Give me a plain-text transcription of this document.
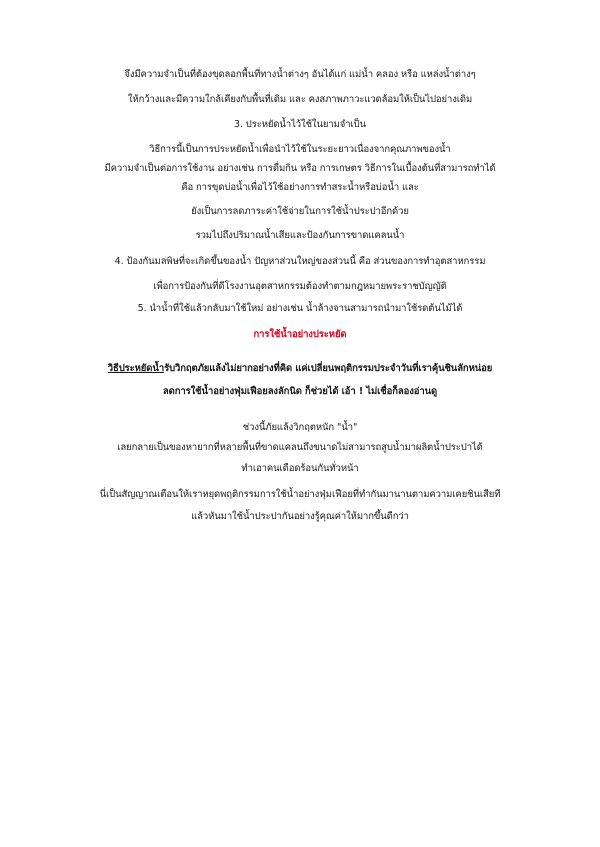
จึงมีความจำเป็นที่ต้องขุดลอกพื้นที่ทางน้ำต่างๆ อันได้แก่ แม่น้ำ คลอง หรือ แหล่งน้ำต่างๆ
ให้กว้างและมีความใกล้เคียงกับพื้นที่เดิม และ คงสภาพภาวะแวดล้อมให้เป็นไปอย่างเดิม
3. ประหยัดน้ำไว้ใช้ในยามจำเป็น
วิธีการนี้เป็นการประหยัดน้ำเพื่อนำไว้ใช้ในระยะยาวเนื่องจากคุณภาพของน้ำ
มีความจำเป็นต่อการใช้งาน อย่างเช่น การดื่มกิน หรือ การเกษตร วิธีการในเบื้องต้นที่สามารถทำได้
คือ การขุดบ่อน้ำเพื่อไว้ใช้อย่างการทำสระน้ำหรือบ่อน้ำ และ
ยังเป็นการลดภาระค่าใช้จ่ายในการใช้น้ำประปาอีกด้วย
รวมไปถึงปริมาณน้ำเสียและป้องกันการขาดแคลนน้ำ
4. ป้องกันมลพิษที่จะเกิดขึ้นของน้ำ ปัญหาส่วนใหญ่ของส่วนนี้ คือ ส่วนของการทำอุตสาหกรรม
เพื่อการป้องกันที่ดีโรงงานอุตสาหกรรมต้องทำตามกฎหมายพระราชบัญญัติ
5. นำน้ำที่ใช้แล้วกลับมาใช้ใหม่ อย่างเช่น น้ำล้างจานสามารถนำมาใช้รดต้นไม้ได้
การใช้น้ำอย่างประหยัด
วิธีประหยัดน้ำรับวิกฤตภัยแล้งไม่ยากอย่างที่คิด แค่เปลี่ยนพฤติกรรมประจำวันที่เราคุ้นชินลักหน่อย
ลดการใช้น้ำอย่างฟุ่มเฟือยลงลักนิด ก็ช่วยได้ เอ้า ! ไม่เชื่อก็ลองอ่านดู
ช่วงนี้ภัยแล้งวิกฤตหนัก "น้ำ"
เลยกลายเป็นของหายากที่หลายพื้นที่ขาดแคลนถึงขนาดไม่สามารถสูบน้ำมาผลิตน้ำประปาได้
ทำเอาคนเดือดร้อนกันทั่วหน้า
นี่เป็นสัญญาณเตือนให้เราหยุดพฤติกรรมการใช้น้ำอย่างฟุ่มเฟือยที่ทำกันมานานตามความเคยชินเสียที
แล้วหันมาใช้น้ำประปากันอย่างรู้คุณค่าให้มากขึ้นดีกว่า
